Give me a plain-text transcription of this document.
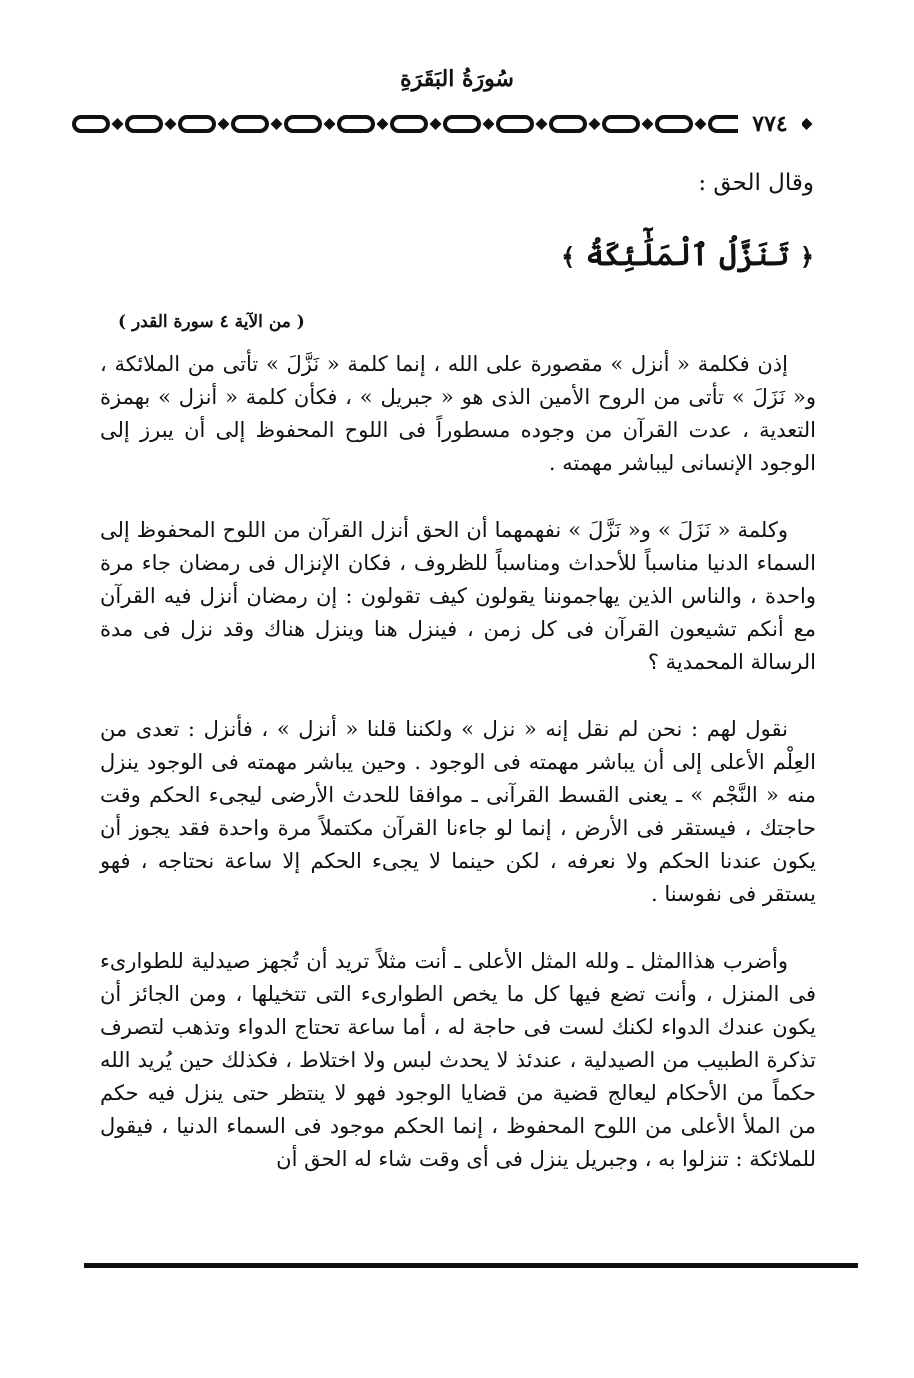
سُورَةُ البَقَرَةِ
٧٧٤
وقال الحق :
﴿ تَنَزَّلُ ٱلْمَلَٰٓئِكَةُ ﴾
( من الآية ٤ سورة القدر )

إذن فكلمة « أنزل » مقصورة على الله ، إنما كلمة « نَزَّلَ » تأتى من الملائكة ، و« نَزَلَ » تأتى من الروح الأمين الذى هو « جبريل » ، فكأن كلمة « أنزل » بهمزة التعدية ، عدت القرآن من وجوده مسطوراً فى اللوح المحفوظ إلى أن يبرز إلى الوجود الإنسانى ليباشر مهمته .

وكلمة « نَزَلَ » و« نَزَّلَ » نفهمهما أن الحق أنزل القرآن من اللوح المحفوظ إلى السماء الدنيا مناسباً للأحداث ومناسباً للظروف ، فكان الإنزال فى رمضان جاء مرة واحدة ، والناس الذين يهاجموننا يقولون كيف تقولون : إن رمضان أنزل فيه القرآن مع أنكم تشيعون القرآن فى كل زمن ، فينزل هنا وينزل هناك وقد نزل فى مدة الرسالة المحمدية ؟

نقول لهم : نحن لم نقل إنه « نزل » ولكننا قلنا « أنزل » ، فأنزل : تعدى من العِلْم الأعلى إلى أن يباشر مهمته فى الوجود . وحين يباشر مهمته فى الوجود ينزل منه « النَّجْم » ـ يعنى القسط القرآنى ـ موافقا للحدث الأرضى ليجىء الحكم وقت حاجتك ، فيستقر فى الأرض ، إنما لو جاءنا القرآن مكتملاً مرة واحدة فقد يجوز أن يكون عندنا الحكم ولا نعرفه ، لكن حينما لا يجىء الحكم إلا ساعة نحتاجه ، فهو يستقر فى نفوسنا .

وأضرب هذاالمثل ـ ولله المثل الأعلى ـ أنت مثلاً تريد أن تُجهز صيدلية للطوارىء فى المنزل ، وأنت تضع فيها كل ما يخص الطوارىء التى تتخيلها ، ومن الجائز أن يكون عندك الدواء لكنك لست فى حاجة له ، أما ساعة تحتاج الدواء وتذهب لتصرف تذكرة الطبيب من الصيدلية ، عندئذ لا يحدث لبس ولا اختلاط ، فكذلك حين يُريد الله حكماً من الأحكام ليعالج قضية من قضايا الوجود فهو لا ينتظر حتى ينزل فيه حكم من الملأ الأعلى من اللوح المحفوظ ، إنما الحكم موجود فى السماء الدنيا ، فيقول للملائكة : تنزلوا به ، وجبريل ينزل فى أى وقت شاء له الحق أن
